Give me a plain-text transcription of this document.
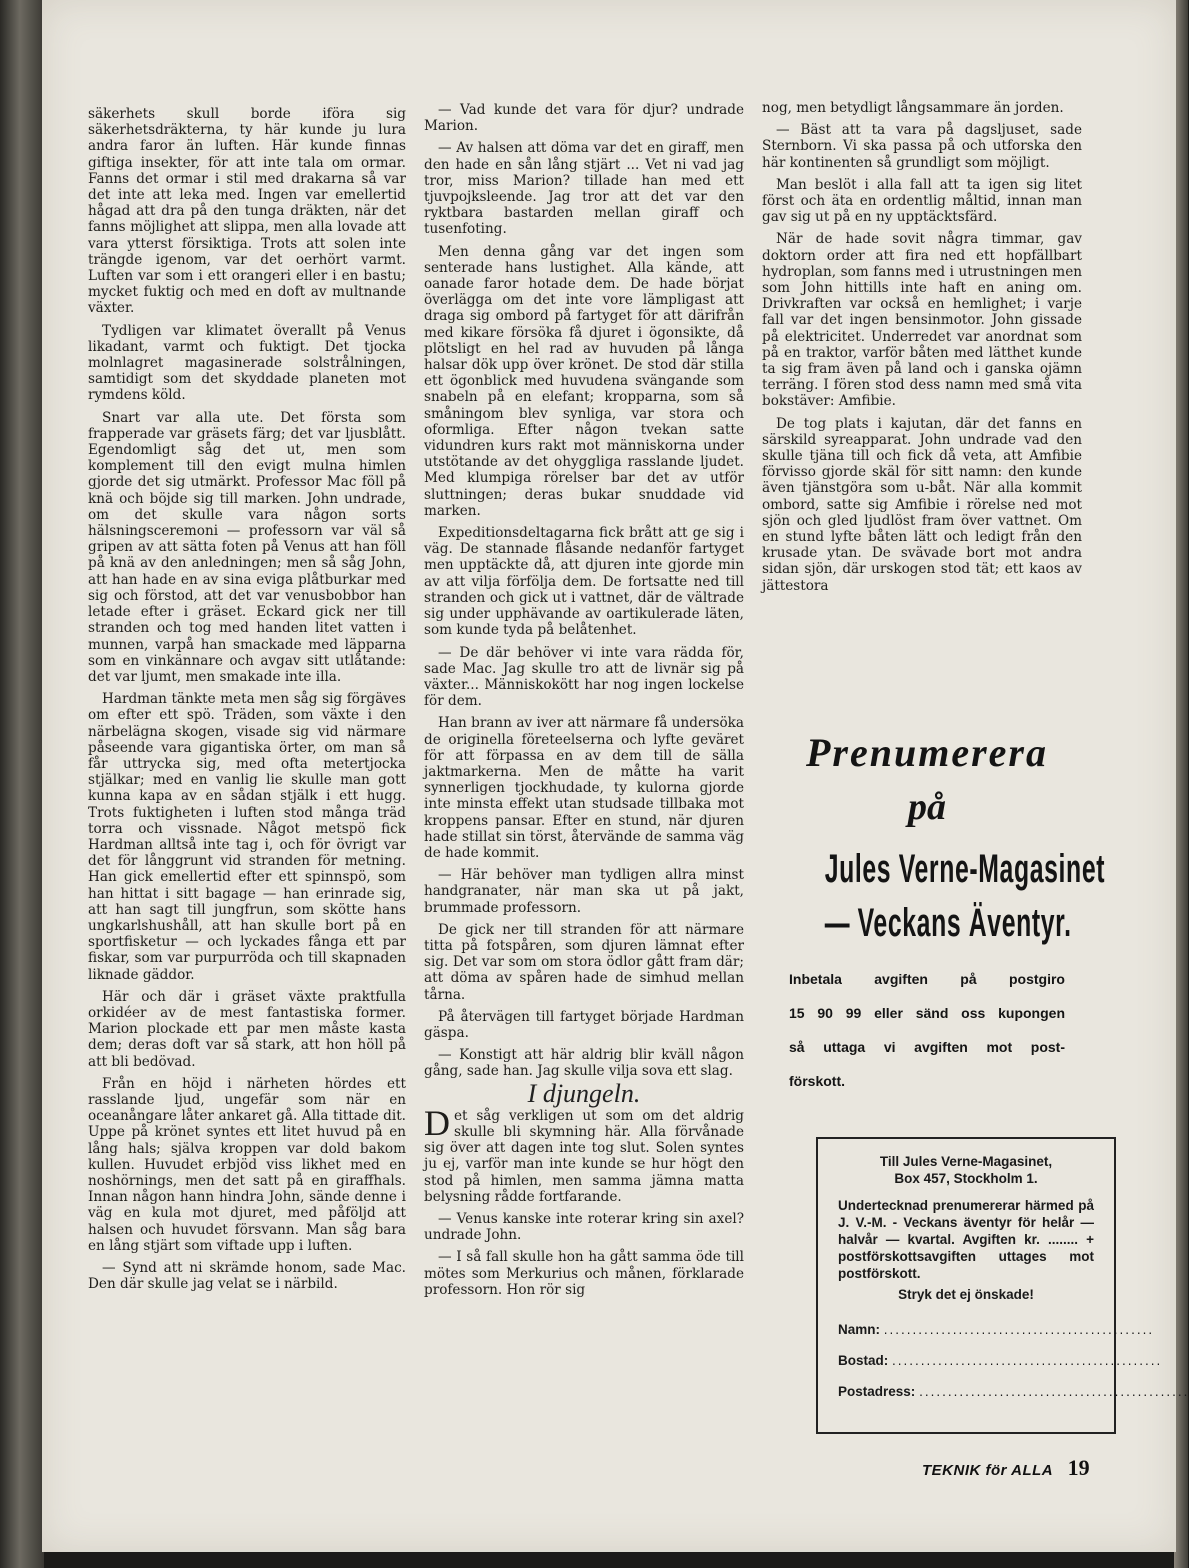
säkerhets skull borde iföra sig säkerhetsdräkterna, ty här kunde ju lura andra faror än luften. Här kunde finnas giftiga insekter, för att inte tala om ormar. Fanns det ormar i stil med drakarna så var det inte att leka med. Ingen var emellertid hågad att dra på den tunga dräkten, när det fanns möjlighet att slippa, men alla lovade att vara ytterst försiktiga. Trots att solen inte trängde igenom, var det oerhört varmt. Luften var som i ett orangeri eller i en bastu; mycket fuktig och med en doft av multnande växter.

Tydligen var klimatet överallt på Venus likadant, varmt och fuktigt. Det tjocka molnlagret magasinerade solstrålningen, samtidigt som det skyddade planeten mot rymdens köld.

Snart var alla ute. Det första som frapperade var gräsets färg; det var ljusblått. Egendomligt såg det ut, men som komplement till den evigt mulna himlen gjorde det sig utmärkt. Professor Mac föll på knä och böjde sig till marken. John undrade, om det skulle vara någon sorts hälsningsceremoni — professorn var väl så gripen av att sätta foten på Venus att han föll på knä av den anledningen; men så såg John, att han hade en av sina eviga plåtburkar med sig och förstod, att det var venusbobbor han letade efter i gräset. Eckard gick ner till stranden och tog med handen litet vatten i munnen, varpå han smackade med läpparna som en vinkännare och avgav sitt utlåtande: det var ljumt, men smakade inte illa.

Hardman tänkte meta men såg sig förgäves om efter ett spö. Träden, som växte i den närbelägna skogen, visade sig vid närmare påseende vara gigantiska örter, om man så får uttrycka sig, med ofta metertjocka stjälkar; med en vanlig lie skulle man gott kunna kapa av en sådan stjälk i ett hugg. Trots fuktigheten i luften stod många träd torra och vissnade. Något metspö fick Hardman alltså inte tag i, och för övrigt var det för långgrunt vid stranden för metning. Han gick emellertid efter ett spinnspö, som han hittat i sitt bagage — han erinrade sig, att han sagt till jungfrun, som skötte hans ungkarlshushåll, att han skulle bort på en sportfisketur — och lyckades fånga ett par fiskar, som var purpurröda och till skapnaden liknade gäddor.

Här och där i gräset växte praktfulla orkidéer av de mest fantastiska former. Marion plockade ett par men måste kasta dem; deras doft var så stark, att hon höll på att bli bedövad.

Från en höjd i närheten hördes ett rasslande ljud, ungefär som när en oceanångare låter ankaret gå. Alla tittade dit. Uppe på krönet syntes ett litet huvud på en lång hals; själva kroppen var dold bakom kullen. Huvudet erbjöd viss likhet med en noshörnings, men det satt på en giraffhals. Innan någon hann hindra John, sände denne i väg en kula mot djuret, med påföljd att halsen och huvudet försvann. Man såg bara en lång stjärt som viftade upp i luften.

— Synd att ni skrämde honom, sade Mac. Den där skulle jag velat se i närbild.

— Vad kunde det vara för djur? undrade Marion.

— Av halsen att döma var det en giraff, men den hade en sån lång stjärt ... Vet ni vad jag tror, miss Marion? tillade han med ett tjuvpojksleende. Jag tror att det var den ryktbara bastarden mellan giraff och tusenfoting.

Men denna gång var det ingen som senterade hans lustighet. Alla kände, att oanade faror hotade dem. De hade börjat överlägga om det inte vore lämpligast att draga sig ombord på fartyget för att därifrån med kikare försöka få djuret i ögonsikte, då plötsligt en hel rad av huvuden på långa halsar dök upp över krönet. De stod där stilla ett ögonblick med huvudena svängande som snabeln på en elefant; kropparna, som så småningom blev synliga, var stora och oformliga. Efter någon tvekan satte vidundren kurs rakt mot människorna under utstötande av det ohyggliga rasslande ljudet. Med klumpiga rörelser bar det av utför sluttningen; deras bukar snuddade vid marken.

Expeditionsdeltagarna fick brått att ge sig i väg. De stannade flåsande nedanför fartyget men upptäckte då, att djuren inte gjorde min av att vilja förfölja dem. De fortsatte ned till stranden och gick ut i vattnet, där de vältrade sig under upphävande av oartikulerade läten, som kunde tyda på belåtenhet.

— De där behöver vi inte vara rädda för, sade Mac. Jag skulle tro att de livnär sig på växter... Människokött har nog ingen lockelse för dem.

Han brann av iver att närmare få undersöka de originella företeelserna och lyfte geväret för att förpassa en av dem till de sälla jaktmarkerna. Men de måtte ha varit synnerligen tjockhudade, ty kulorna gjorde inte minsta effekt utan studsade tillbaka mot kroppens pansar. Efter en stund, när djuren hade stillat sin törst, återvände de samma väg de hade kommit.

— Här behöver man tydligen allra minst handgranater, när man ska ut på jakt, brummade professorn.

De gick ner till stranden för att närmare titta på fotspåren, som djuren lämnat efter sig. Det var som om stora ödlor gått fram där; att döma av spåren hade de simhud mellan tårna.

På återvägen till fartyget började Hardman gäspa.

— Konstigt att här aldrig blir kväll någon gång, sade han. Jag skulle vilja sova ett slag.

I djungeln.

Det såg verkligen ut som om det aldrig skulle bli skymning här. Alla förvånade sig över att dagen inte tog slut. Solen syntes ju ej, varför man inte kunde se hur högt den stod på himlen, men samma jämna matta belysning rådde fortfarande.

— Venus kanske inte roterar kring sin axel? undrade John.

— I så fall skulle hon ha gått samma öde till mötes som Merkurius och månen, förklarade professorn. Hon rör sig

nog, men betydligt långsammare än jorden.

— Bäst att ta vara på dagsljuset, sade Sternborn. Vi ska passa på och utforska den här kontinenten så grundligt som möjligt.

Man beslöt i alla fall att ta igen sig litet först och äta en ordentlig måltid, innan man gav sig ut på en ny upptäcktsfärd.

När de hade sovit några timmar, gav doktorn order att fira ned ett hopfällbart hydroplan, som fanns med i utrustningen men som John hittills inte haft en aning om. Drivkraften var också en hemlighet; i varje fall var det ingen bensinmotor. John gissade på elektricitet. Underredet var anordnat som på en traktor, varför båten med lätthet kunde ta sig fram även på land och i ganska ojämn terräng. I fören stod dess namn med små vita bokstäver: Amfibie.

De tog plats i kajutan, där det fanns en särskild syreapparat. John undrade vad den skulle tjäna till och fick då veta, att Amfibie förvisso gjorde skäl för sitt namn: den kunde även tjänstgöra som u-båt. När alla kommit ombord, satte sig Amfibie i rörelse ned mot sjön och gled ljudlöst fram över vattnet. Om en stund lyfte båten lätt och ledigt från den krusade ytan. De svävade bort mot andra sidan sjön, där urskogen stod tät; ett kaos av jättestora

Prenumerera
på
Jules Verne-Magasinet
— Veckans Äventyr.
Inbetala avgiften på postgiro
15 90 99 eller sänd oss kupongen
så uttaga vi avgiften mot post-
förskott.
Till Jules Verne-Magasinet,
Box 457, Stockholm 1.
Undertecknad prenumererar härmed på J. V.-M. - Veckans äventyr för helår — halvår — kvartal. Avgiften kr. ........ + postförskottsavgiften uttages mot postförskott.
Stryk det ej önskade!
Namn: ...............................................
Bostad: ...............................................
Postadress: ...............................................
TEKNIK för ALLA 19
